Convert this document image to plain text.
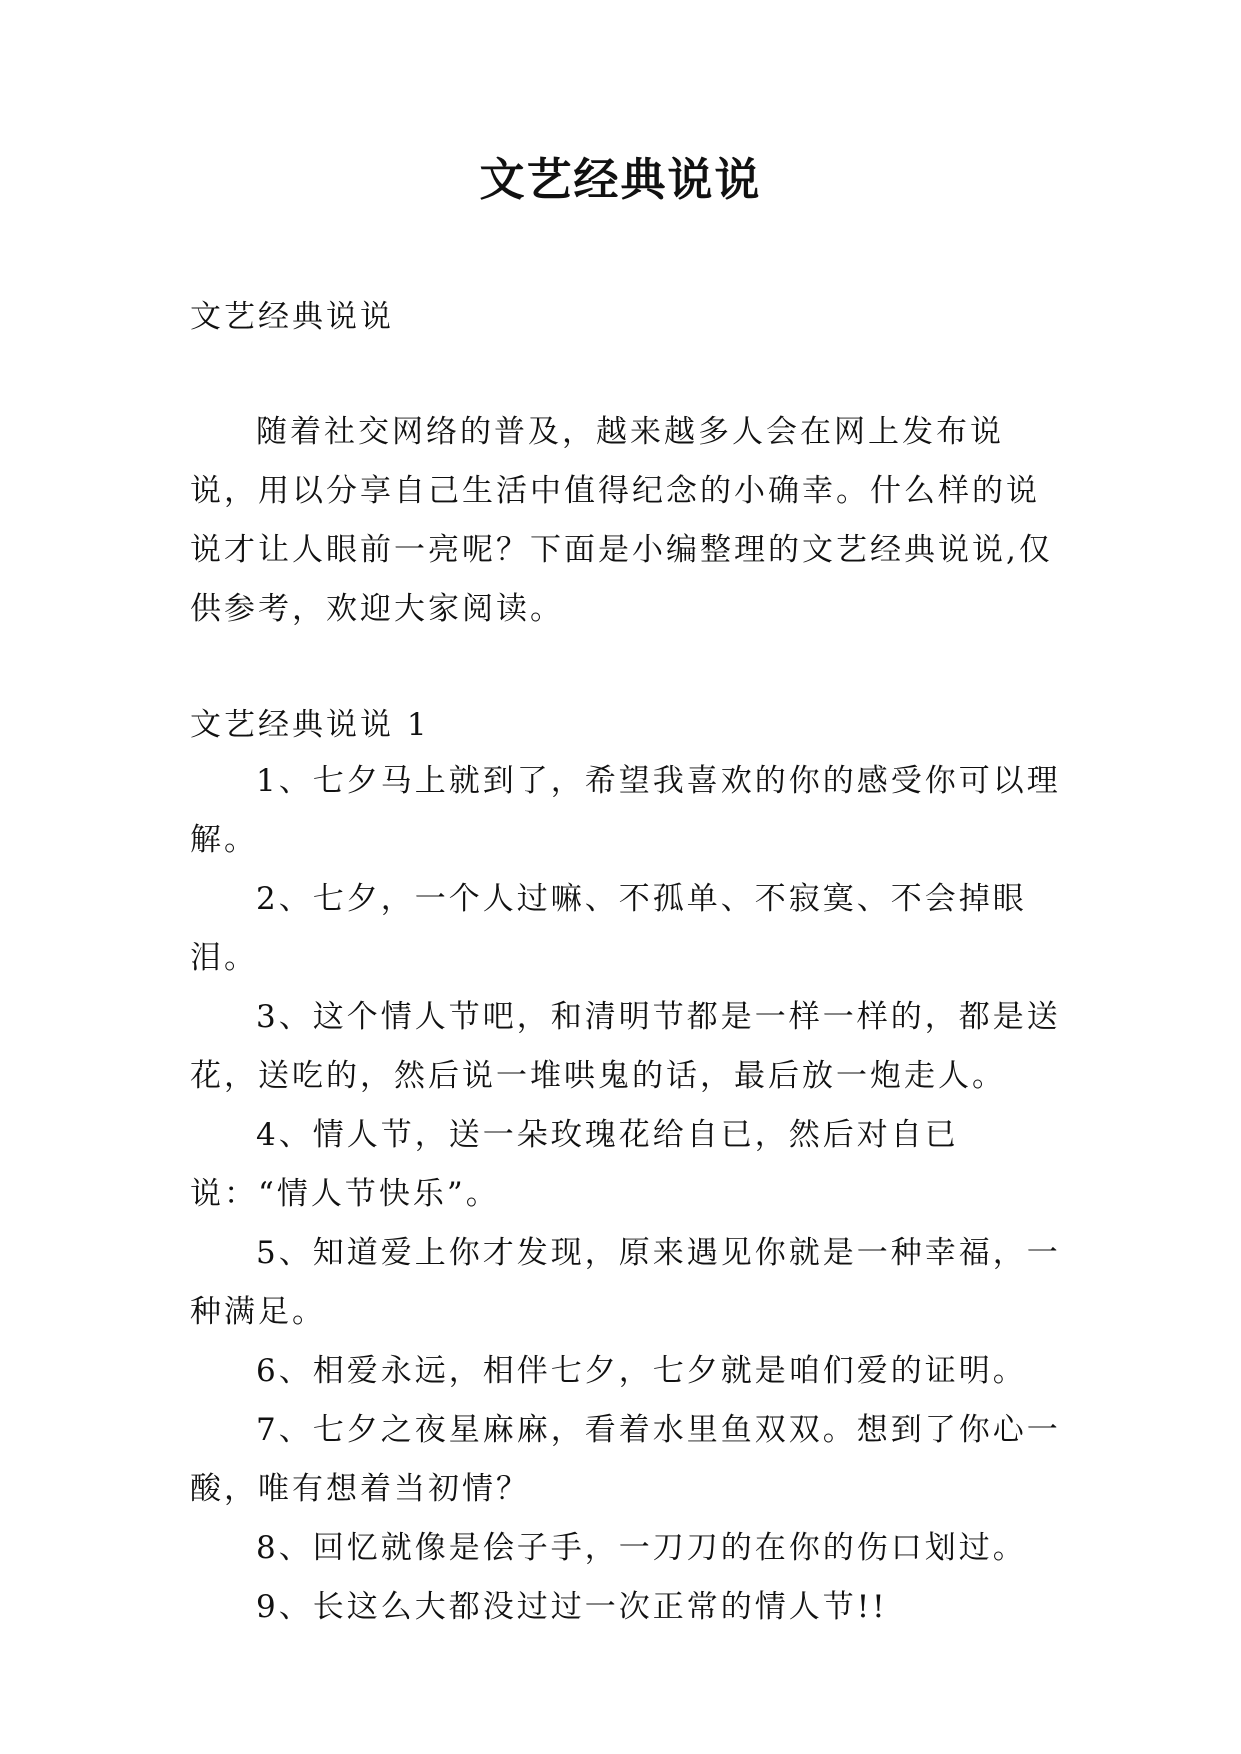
文艺经典说说
文艺经典说说
随着社交网络的普及，越来越多人会在网上发布说说，用以分享自己生活中值得纪念的小确幸。什么样的说说才让人眼前一亮呢？下面是小编整理的文艺经典说说,仅供参考，欢迎大家阅读。
文艺经典说说 1

1、七夕马上就到了，希望我喜欢的你的感受你可以理解。

2、七夕，一个人过嘛、不孤单、不寂寞、不会掉眼泪。

3、这个情人节吧，和清明节都是一样一样的，都是送花，送吃的，然后说一堆哄鬼的话，最后放一炮走人。

4、情人节，送一朵玫瑰花给自已，然后对自已说：“情人节快乐”。

5、知道爱上你才发现，原来遇见你就是一种幸福，一种满足。

6、相爱永远，相伴七夕，七夕就是咱们爱的证明。

7、七夕之夜星麻麻，看着水里鱼双双。想到了你心一酸，唯有想着当初情？

8、回忆就像是侩子手，一刀刀的在你的伤口划过。

9、长这么大都没过过一次正常的情人节!!
